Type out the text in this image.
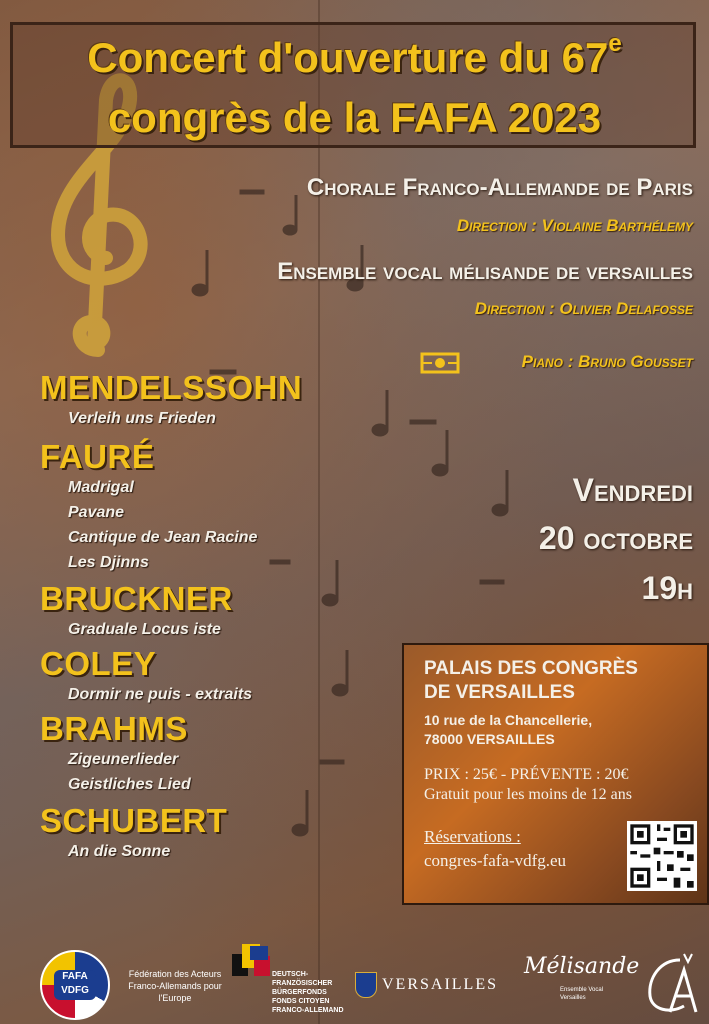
Concert d'ouverture du 67e
congrès de la FAFA 2023
Chorale Franco-Allemande de Paris
Direction : Violaine Barthélemy
Ensemble vocal mélisande de versailles
Direction : Olivier Delafosse
Piano : Bruno Gousset
MENDELSSOHN
Verleih uns Frieden
FAURÉ
Madrigal
Pavane
Cantique de Jean Racine
Les Djinns
BRUCKNER
Graduale Locus iste
COLEY
Dormir ne puis - extraits
BRAHMS
Zigeunerlieder
Geistliches Lied
SCHUBERT
An die Sonne
Vendredi
20 octobre
19h
PALAIS DES CONGRÈS
DE VERSAILLES
10 rue de la Chancellerie,
78000 VERSAILLES
PRIX : 25€ - PRÉVENTE : 20€
Gratuit pour les moins de 12 ans
Réservations :
congres-fafa-vdfg.eu
FAFA VDFG
Fédération des Acteurs
Franco-Allemands pour l'Europe
DEUTSCH-
FRANZÖSISCHER
BÜRGERFONDS
FONDS CITOYEN
FRANCO-ALLEMAND
VERSAILLES
Mélisande
Ensemble Vocal Versailles
